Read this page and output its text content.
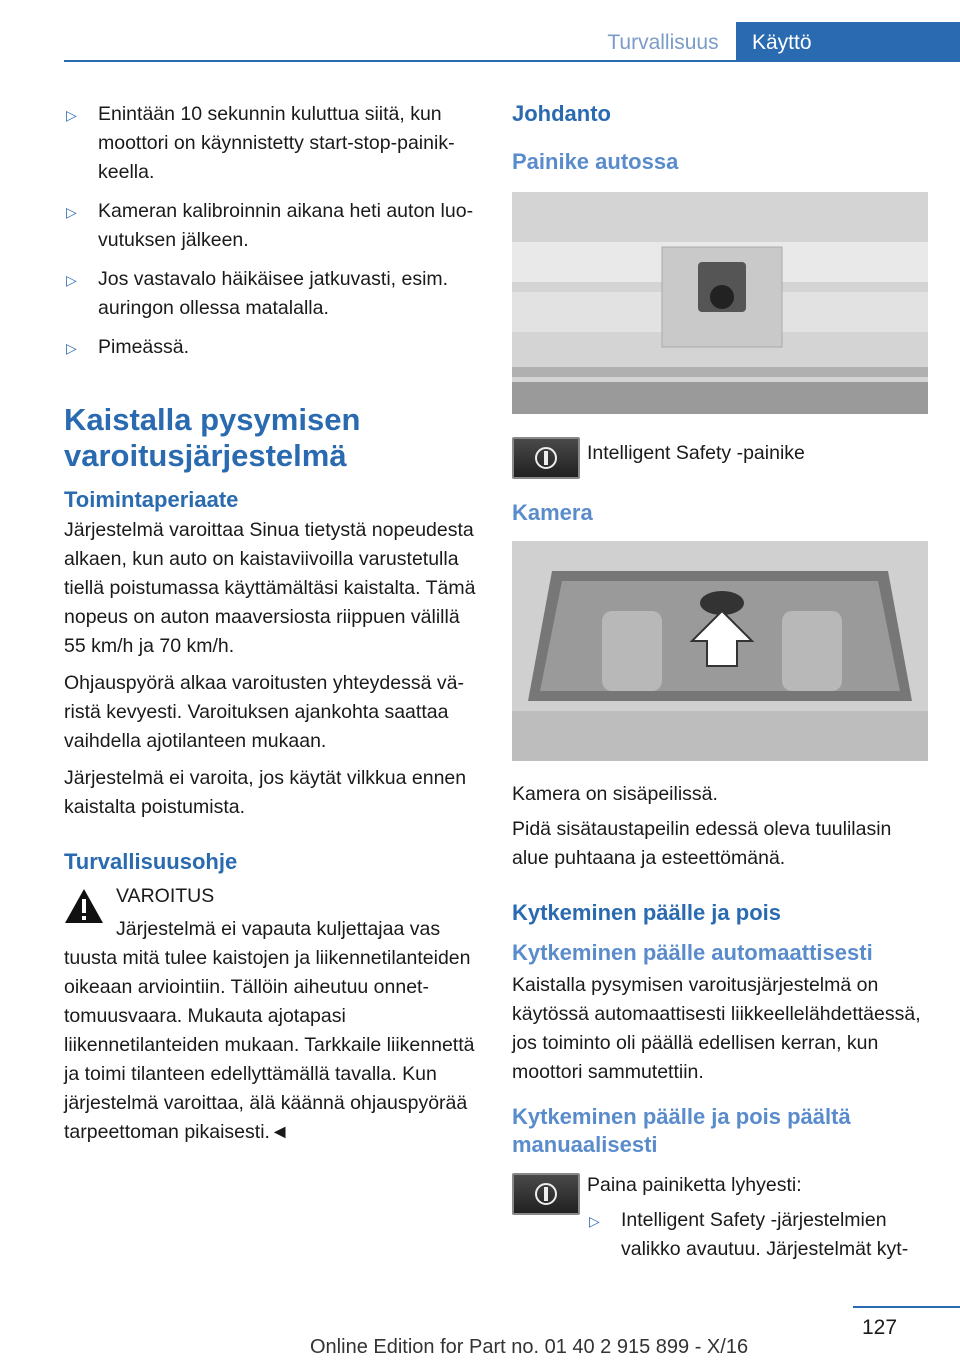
Turvallisuus	Käyttö
▷ Enintään 10 sekunnin kuluttua siitä, kun moottori on käynnistetty start-stop-painikkeella.
▷ Kameran kalibroinnin aikana heti auton luovutuksen jälkeen.
▷ Jos vastavalo häikäisee jatkuvasti, esim. auringon ollessa matalalla.
▷ Pimeässä.
Kaistalla pysymisen varoitusjärjestelmä
Toimintaperiaate

Järjestelmä varoittaa Sinua tietystä nopeudesta alkaen, kun auto on kaistaviivoilla varustetulla tiellä poistumassa käyttämältäsi kaistalta. Tämä nopeus on auton maaversiosta riippuen välillä 55 km/h ja 70 km/h.

Ohjauspyörä alkaa varoitusten yhteydessä väristä kevyesti. Varoituksen ajankohta saattaa vaihdella ajotilanteen mukaan.

Järjestelmä ei varoita, jos käytät vilkkua ennen kaistalta poistumista.

Turvallisuusohje

VAROITUS

Järjestelmä ei vapauta kuljettajaa vas

tuusta mitä tulee kaistojen ja liikennetilanteiden oikeaan arviointiin. Tällöin aiheutuu onnettomuusvaara. Mukauta ajotapasi liikennetilanteiden mukaan. Tarkkaile liikennettä ja toimi tilanteen edellyttämällä tavalla. Kun järjestelmä varoittaa, älä käännä ohjauspyörää tarpeettoman pikaisesti.◄

Johdanto
Painike autossa
Intelligent Safety -painike
Kamera

Kamera on sisäpeilissä.

Pidä sisätaustapeilin edessä oleva tuulilasin alue puhtaana ja esteettömänä.

Kytkeminen päälle ja pois
Kytkeminen päälle automaattisesti

Kaistalla pysymisen varoitusjärjestelmä on käytössä automaattisesti liikkeellelähdettäessä, jos toiminto oli päällä edellisen kerran, kun moottori sammutettiin.

Kytkeminen päälle ja pois päältä manuaalisesti

Paina painiketta lyhyesti:

▷ Intelligent Safety -järjestelmien valikko avautuu. Järjestelmät kyt-
127
Online Edition for Part no. 01 40 2 915 899 - X/16
